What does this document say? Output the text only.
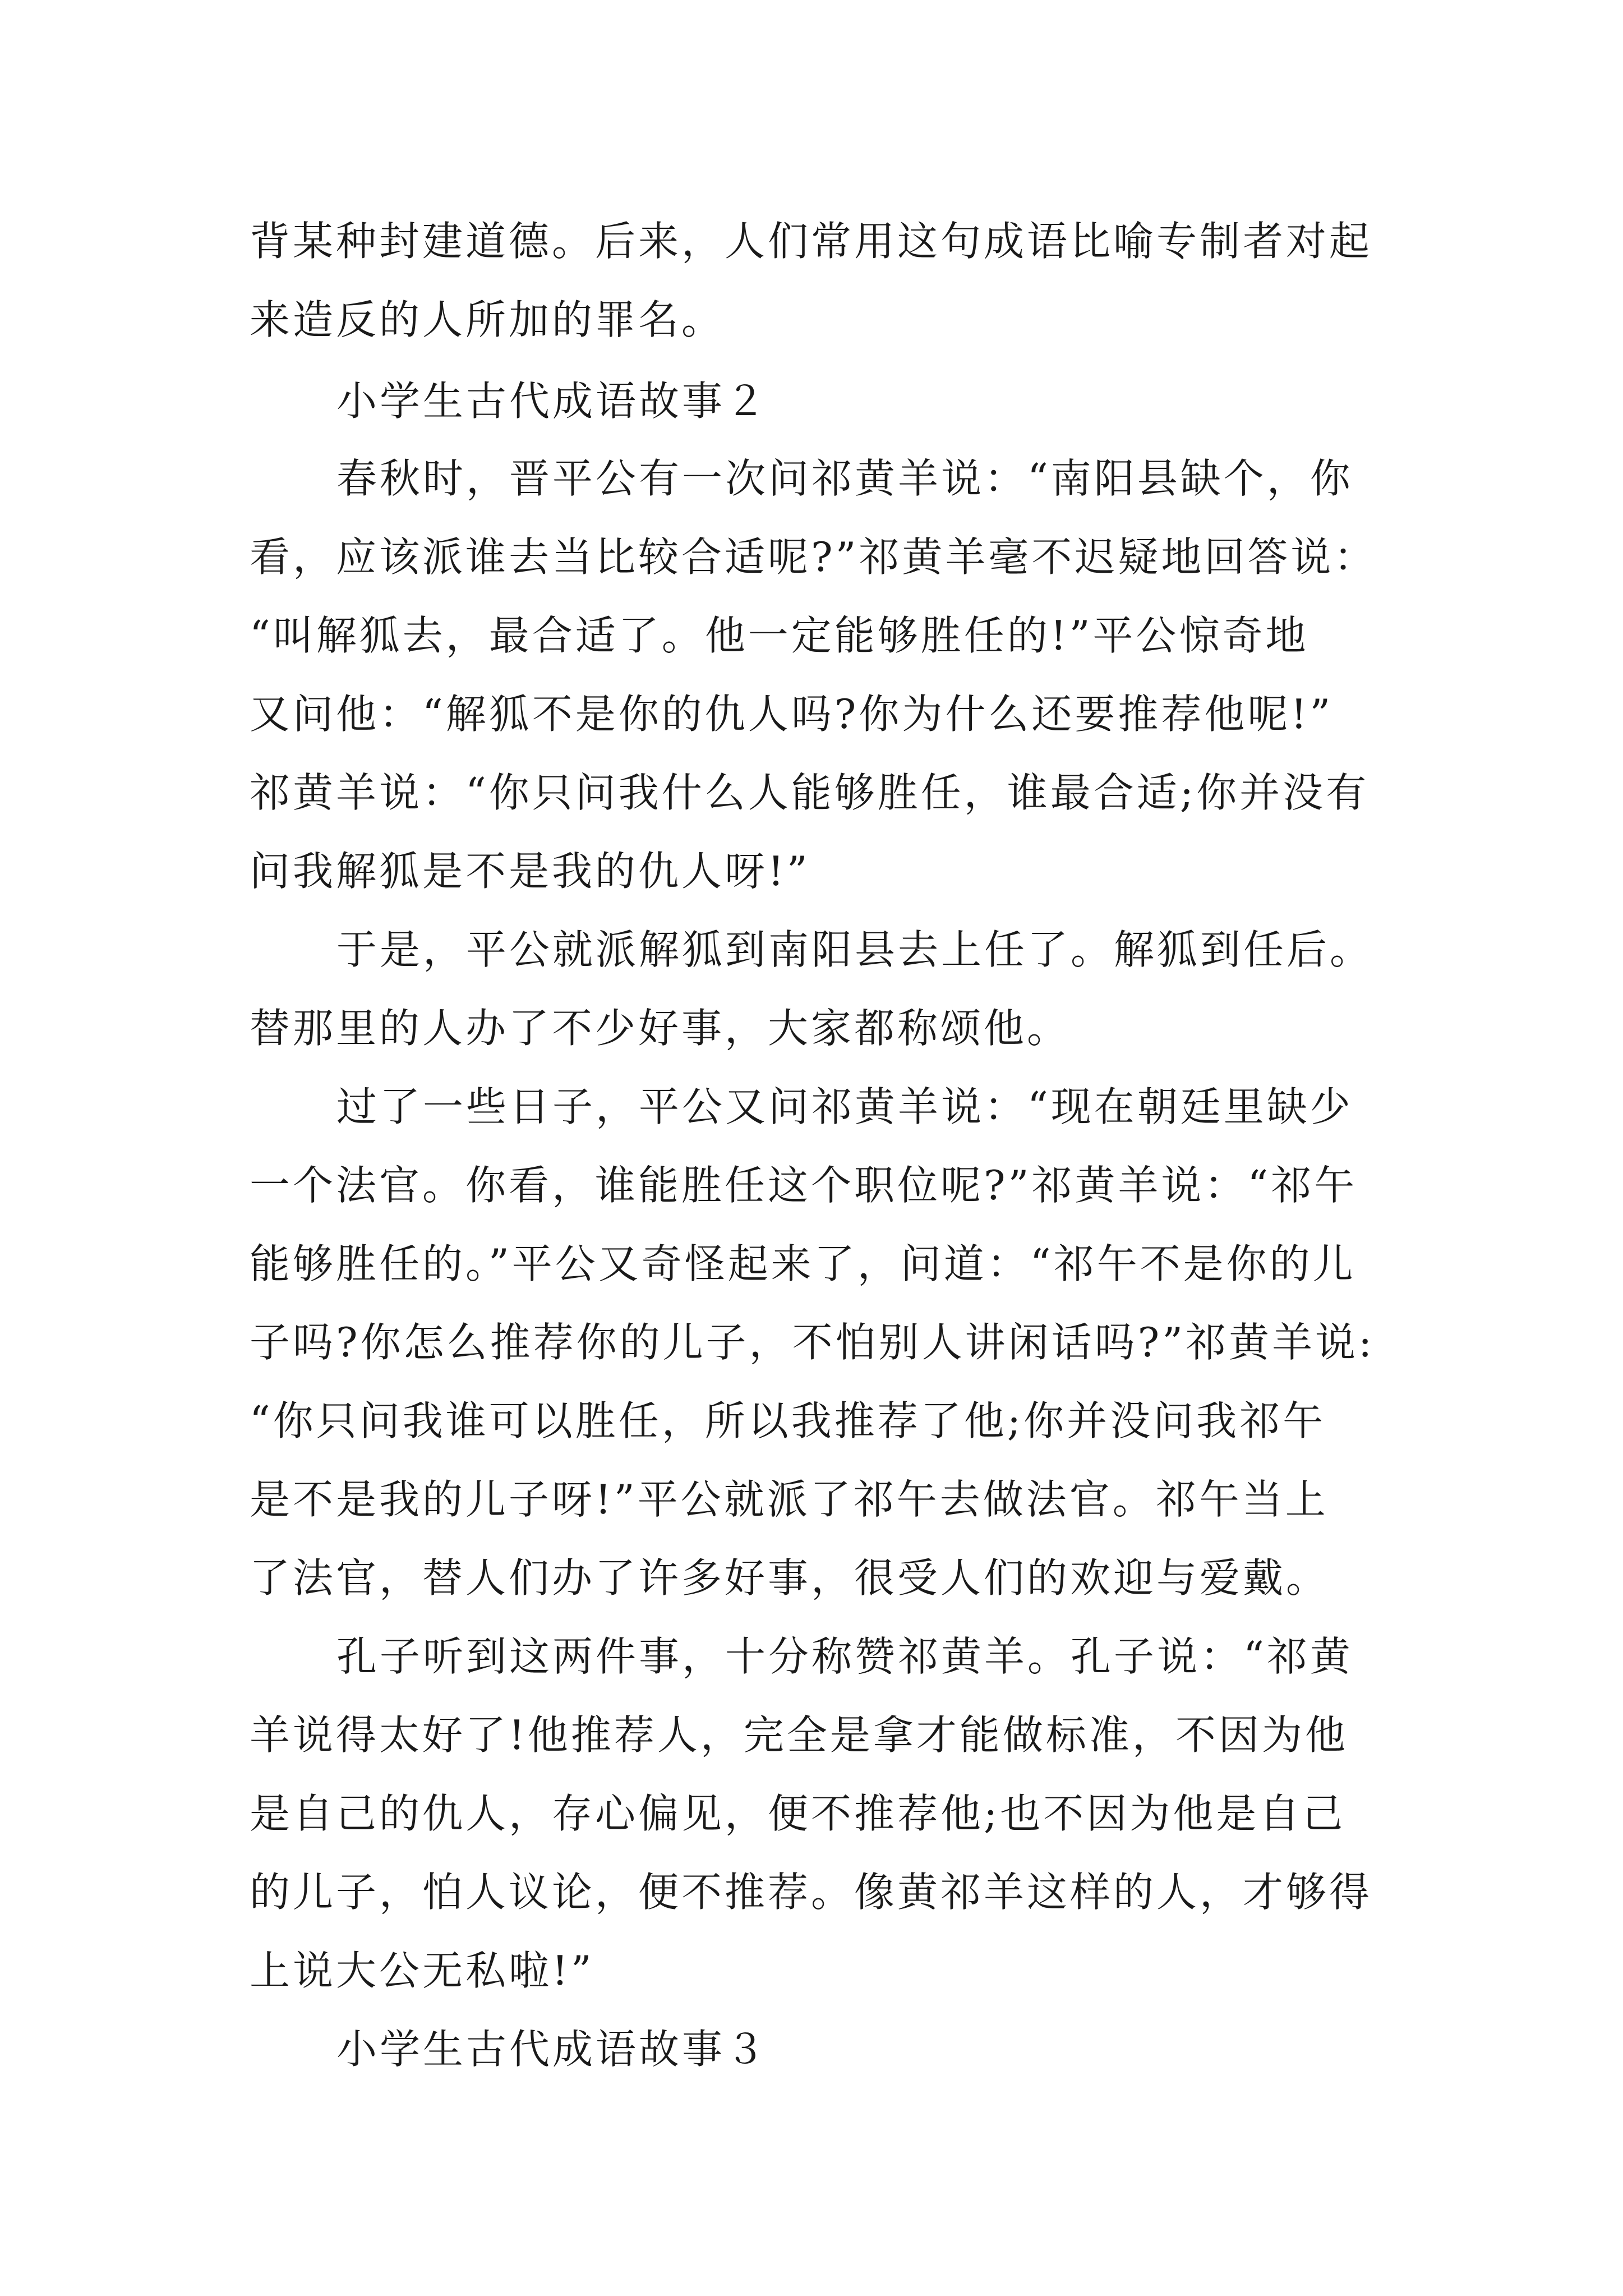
背某种封建道德。后来，人们常用这句成语比喻专制者对起

来造反的人所加的罪名。

小学生古代成语故事２

春秋时，晋平公有一次问祁黄羊说：“南阳县缺个，你

看，应该派谁去当比较合适呢?”祁黄羊毫不迟疑地回答说：

“叫解狐去，最合适了。他一定能够胜任的!”平公惊奇地

又问他：“解狐不是你的仇人吗?你为什么还要推荐他呢!”

祁黄羊说：“你只问我什么人能够胜任，谁最合适;你并没有

问我解狐是不是我的仇人呀!”

于是，平公就派解狐到南阳县去上任了。解狐到任后。

替那里的人办了不少好事，大家都称颂他。

过了一些日子，平公又问祁黄羊说：“现在朝廷里缺少

一个法官。你看，谁能胜任这个职位呢?”祁黄羊说：“祁午

能够胜任的。”平公又奇怪起来了，问道：“祁午不是你的儿

子吗?你怎么推荐你的儿子，不怕别人讲闲话吗?”祁黄羊说:

“你只问我谁可以胜任，所以我推荐了他;你并没问我祁午

是不是我的儿子呀!”平公就派了祁午去做法官。祁午当上

了法官，替人们办了许多好事，很受人们的欢迎与爱戴。

孔子听到这两件事，十分称赞祁黄羊。孔子说：“祁黄

羊说得太好了!他推荐人，完全是拿才能做标准，不因为他

是自己的仇人，存心偏见，便不推荐他;也不因为他是自己

的儿子，怕人议论，便不推荐。像黄祁羊这样的人，才够得

上说大公无私啦!”

小学生古代成语故事３
